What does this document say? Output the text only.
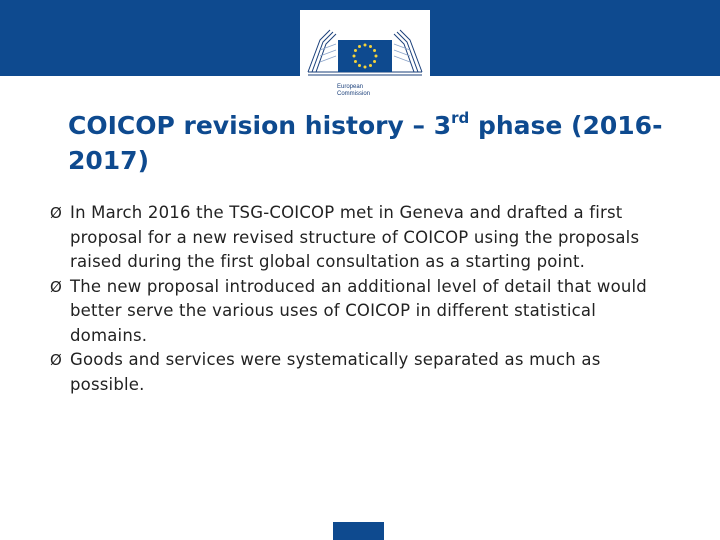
European
Commission
COICOP revision history – 3rd phase (2016-2017)
Ø In March 2016 the TSG-COICOP met in Geneva and drafted a first proposal for a new revised structure of COICOP using the proposals raised during the first global consultation as a starting point.
Ø The new proposal introduced an additional level of detail that would better serve the various uses of COICOP in different statistical domains.
Ø Goods and services were systematically separated as much as possible.
